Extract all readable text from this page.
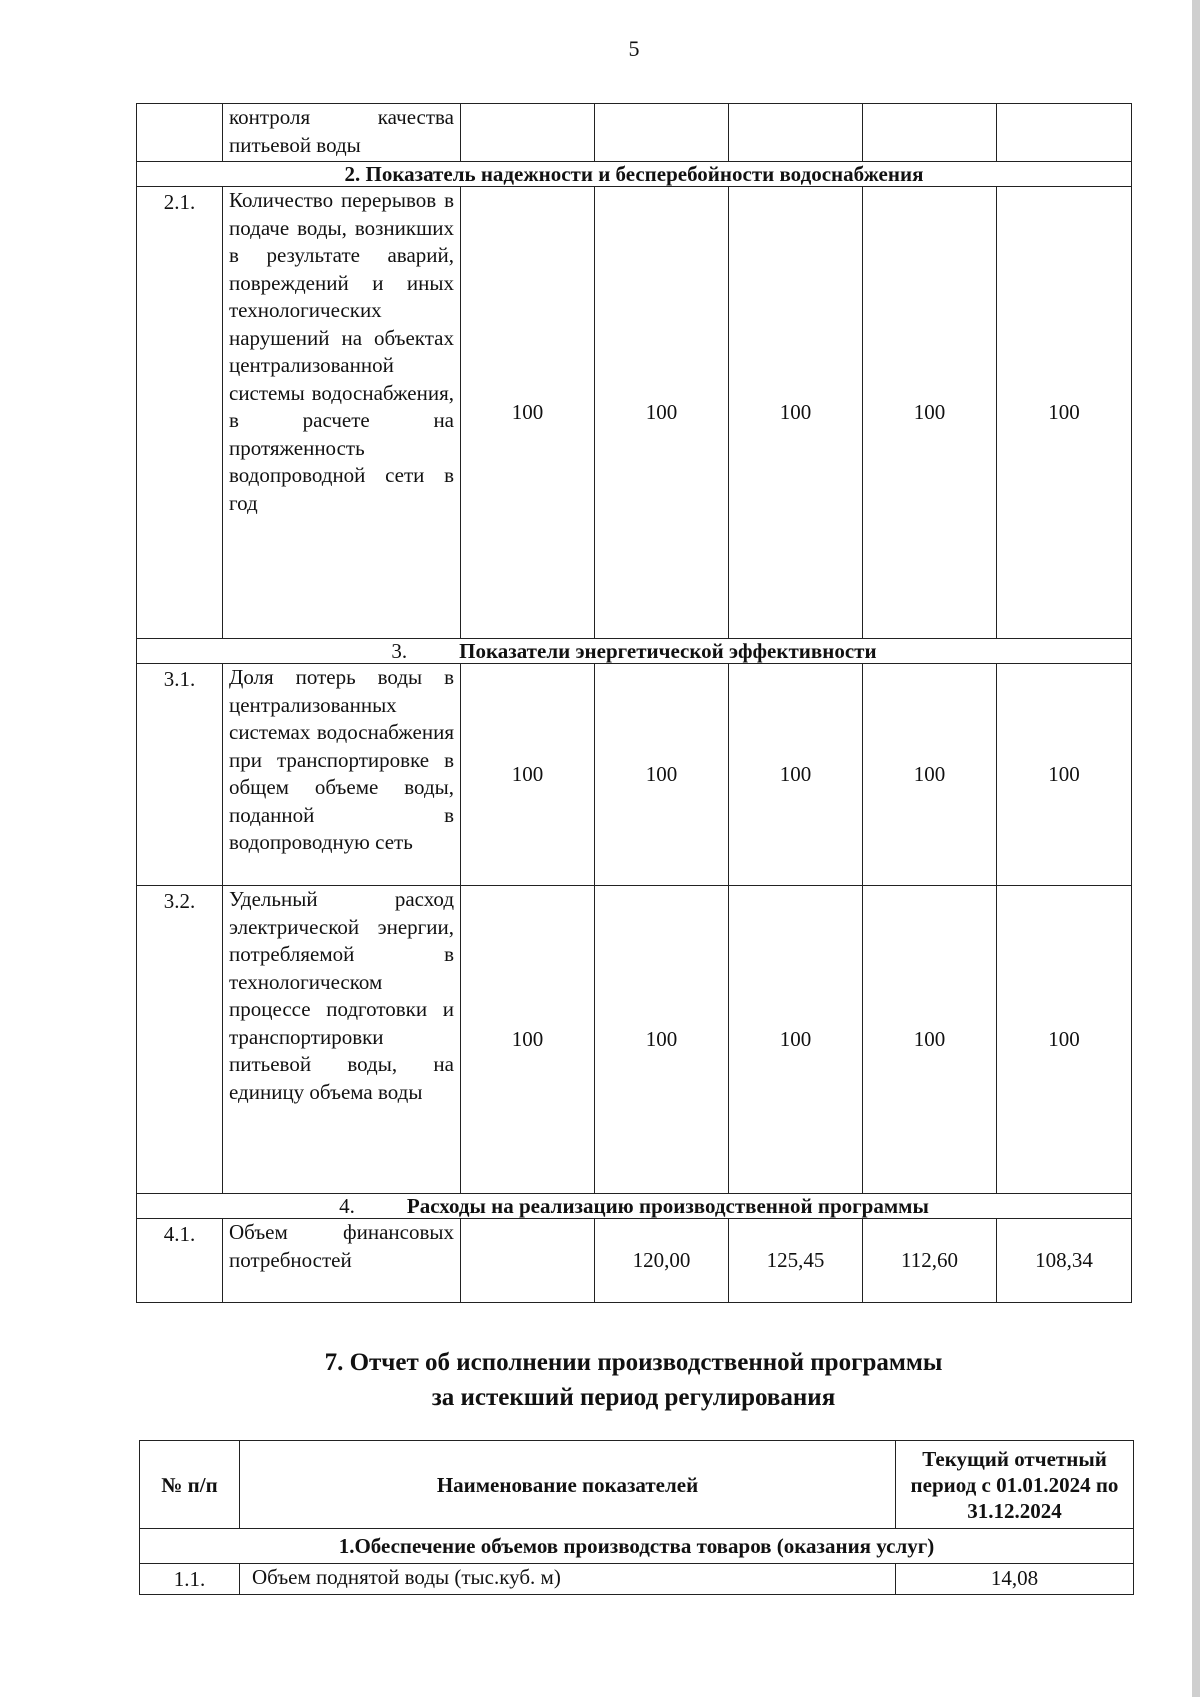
5
	контроля качества питьевой воды					
2. Показатель надежности и бесперебойности водоснабжения						
2.1.	Количество перерывов в подаче воды, возникших в результате аварий, повреждений и иных технологических нарушений на объектах централизованной системы водоснабжения, в расчете на протяженность водопроводной сети в год	100	100	100	100	100
3. Показатели энергетической эффективности						
3.1.	Доля потерь воды в централизованных системах водоснабжения при транспортировке в общем объеме воды, поданной в водопроводную сеть	100	100	100	100	100
3.2.	Удельный расход электрической энергии, потребляемой в технологическом процессе подготовки и транспортировки питьевой воды, на единицу объема воды	100	100	100	100	100
4. Расходы на реализацию производственной программы						
4.1.	Объем финансовых потребностей		120,00	125,45	112,60	108,34
7. Отчет об исполнении производственной программы
за истекший период регулирования
№ п/п	Наименование показателей	Текущий отчетный период с 01.01.2024 по 31.12.2024
1.Обеспечение объемов производства товаров (оказания услуг)		
1.1.	Объем поднятой воды (тыс.куб. м)	14,08
